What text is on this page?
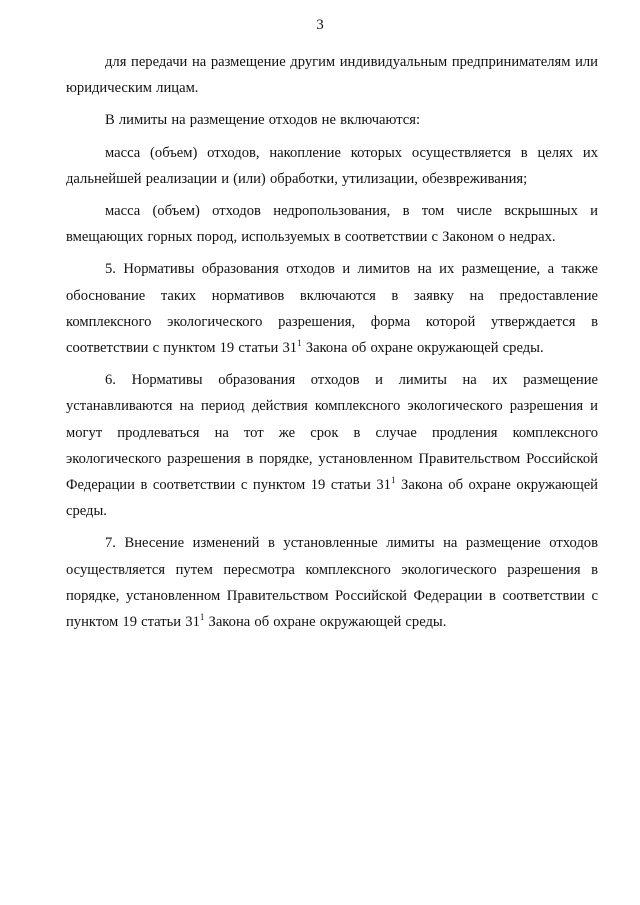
3

для передачи на размещение другим индивидуальным предпринимателям или юридическим лицам.

В лимиты на размещение отходов не включаются:

масса (объем) отходов, накопление которых осуществляется в целях их дальнейшей реализации и (или) обработки, утилизации, обезвреживания;

масса (объем) отходов недропользования, в том числе вскрышных и вмещающих горных пород, используемых в соответствии с Законом о недрах.

5. Нормативы образования отходов и лимитов на их размещение, а также обоснование таких нормативов включаются в заявку на предоставление комплексного экологического разрешения, форма которой утверждается в соответствии с пунктом 19 статьи $31^1$ Закона об охране окружающей среды.

6. Нормативы образования отходов и лимиты на их размещение устанавливаются на период действия комплексного экологического разрешения и могут продлеваться на тот же срок в случае продления комплексного экологического разрешения в порядке, установленном Правительством Российской Федерации в соответствии с пунктом 19 статьи $31^1$ Закона об охране окружающей среды.

7. Внесение изменений в установленные лимиты на размещение отходов осуществляется путем пересмотра комплексного экологического разрешения в порядке, установленном Правительством Российской Федерации в соответствии с пунктом 19 статьи $31^1$ Закона об охране окружающей среды.
